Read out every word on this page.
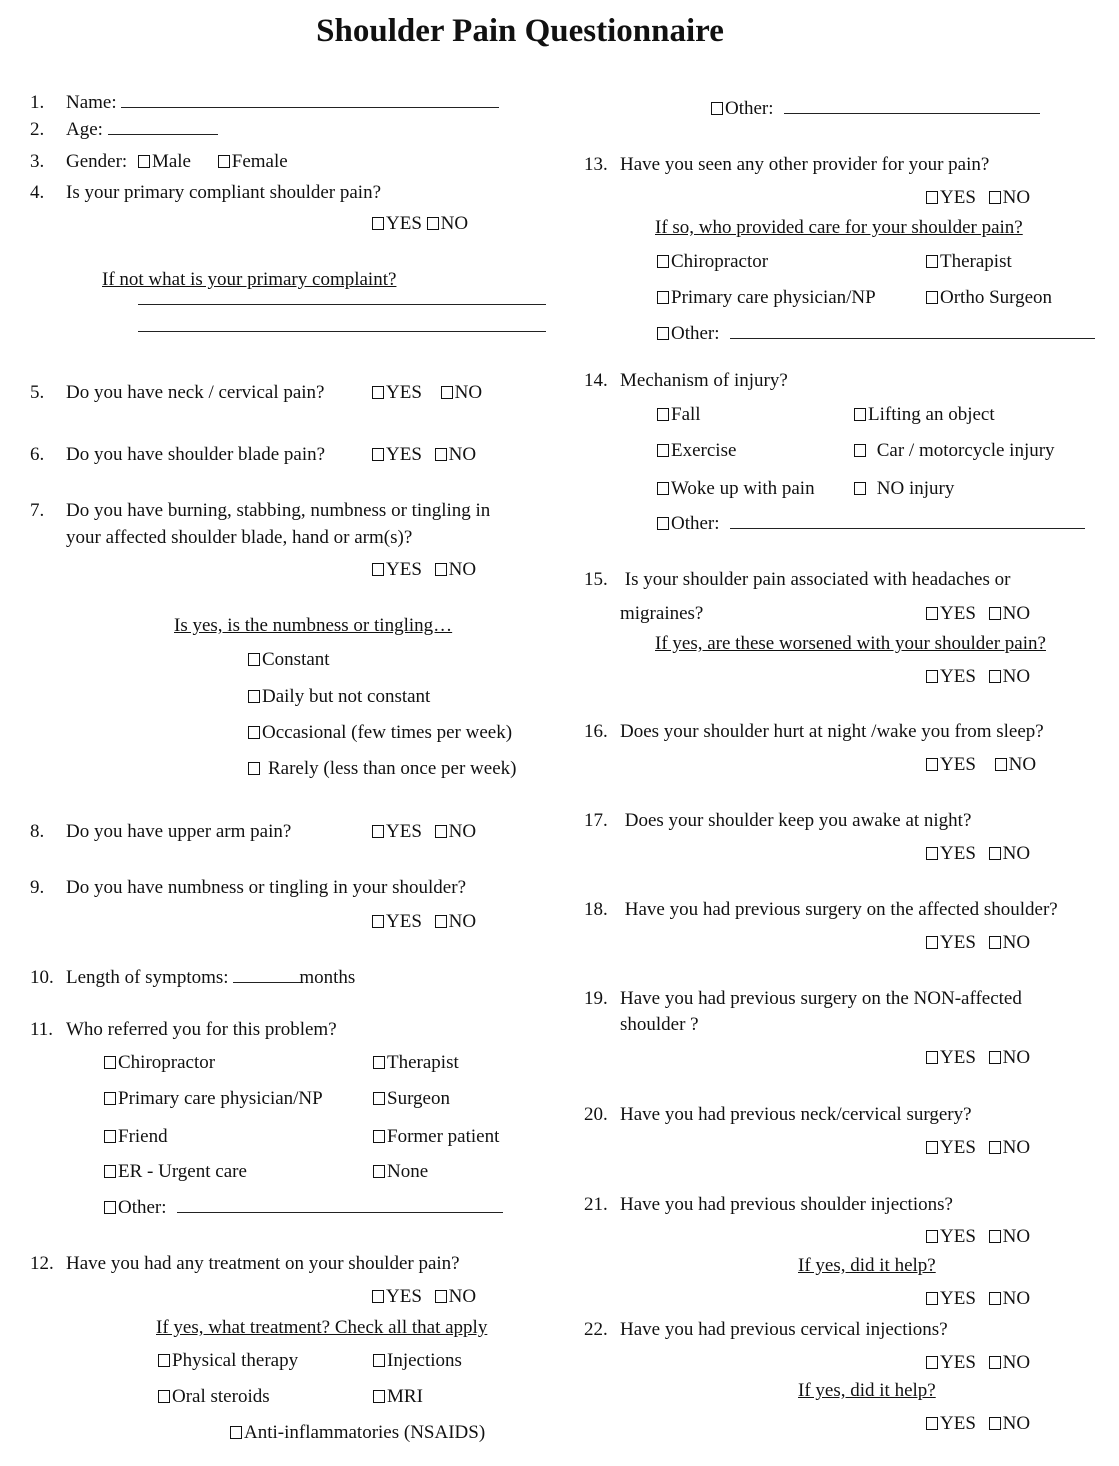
Shoulder Pain Questionnaire
1. Name:
2. Age:
3. Gender: Male Female
4. Is your primary compliant shoulder pain?
YES NO
If not what is your primary complaint?
5. Do you have neck / cervical pain?	YES NO
6. Do you have shoulder blade pain?	YES NO
7. Do you have burning, stabbing, numbness or tingling in
your affected shoulder blade, hand or arm(s)?
YES NO
Is yes, is the numbness or tingling…
Constant
Daily but not constant
Occasional (few times per week)
Rarely (less than once per week)
8. Do you have upper arm pain?	YES NO
9. Do you have numbness or tingling in your shoulder?
YES NO
10. Length of symptoms:	months
11. Who referred you for this problem?
Chiropractor	Therapist
Primary care physician/NP	Surgeon
Friend	Former patient
ER - Urgent care	None
Other:
12. Have you had any treatment on your shoulder pain?
YES NO
If yes, what treatment? Check all that apply
Physical therapy	Injections
Oral steroids	MRI
Anti-inflammatories (NSAIDS)
Other:
13. Have you seen any other provider for your pain?
YES NO
If so, who provided care for your shoulder pain?
Chiropractor	Therapist
Primary care physician/NP	Ortho Surgeon
Other:
14. Mechanism of injury?
Fall	Lifting an object
Exercise	Car / motorcycle injury
Woke up with pain	NO injury
Other:
15. Is your shoulder pain associated with headaches or
migraines?	YES NO
If yes, are these worsened with your shoulder pain?
YES NO
16. Does your shoulder hurt at night /wake you from sleep?
YES NO
17. Does your shoulder keep you awake at night?
YES NO
18. Have you had previous surgery on the affected shoulder?
YES NO
19. Have you had previous surgery on the NON-affected
shoulder ?
YES NO
20. Have you had previous neck/cervical surgery?
YES NO
21. Have you had previous shoulder injections?
YES NO
If yes, did it help?
YES NO
22. Have you had previous cervical injections?
YES NO
If yes, did it help?
YES NO
